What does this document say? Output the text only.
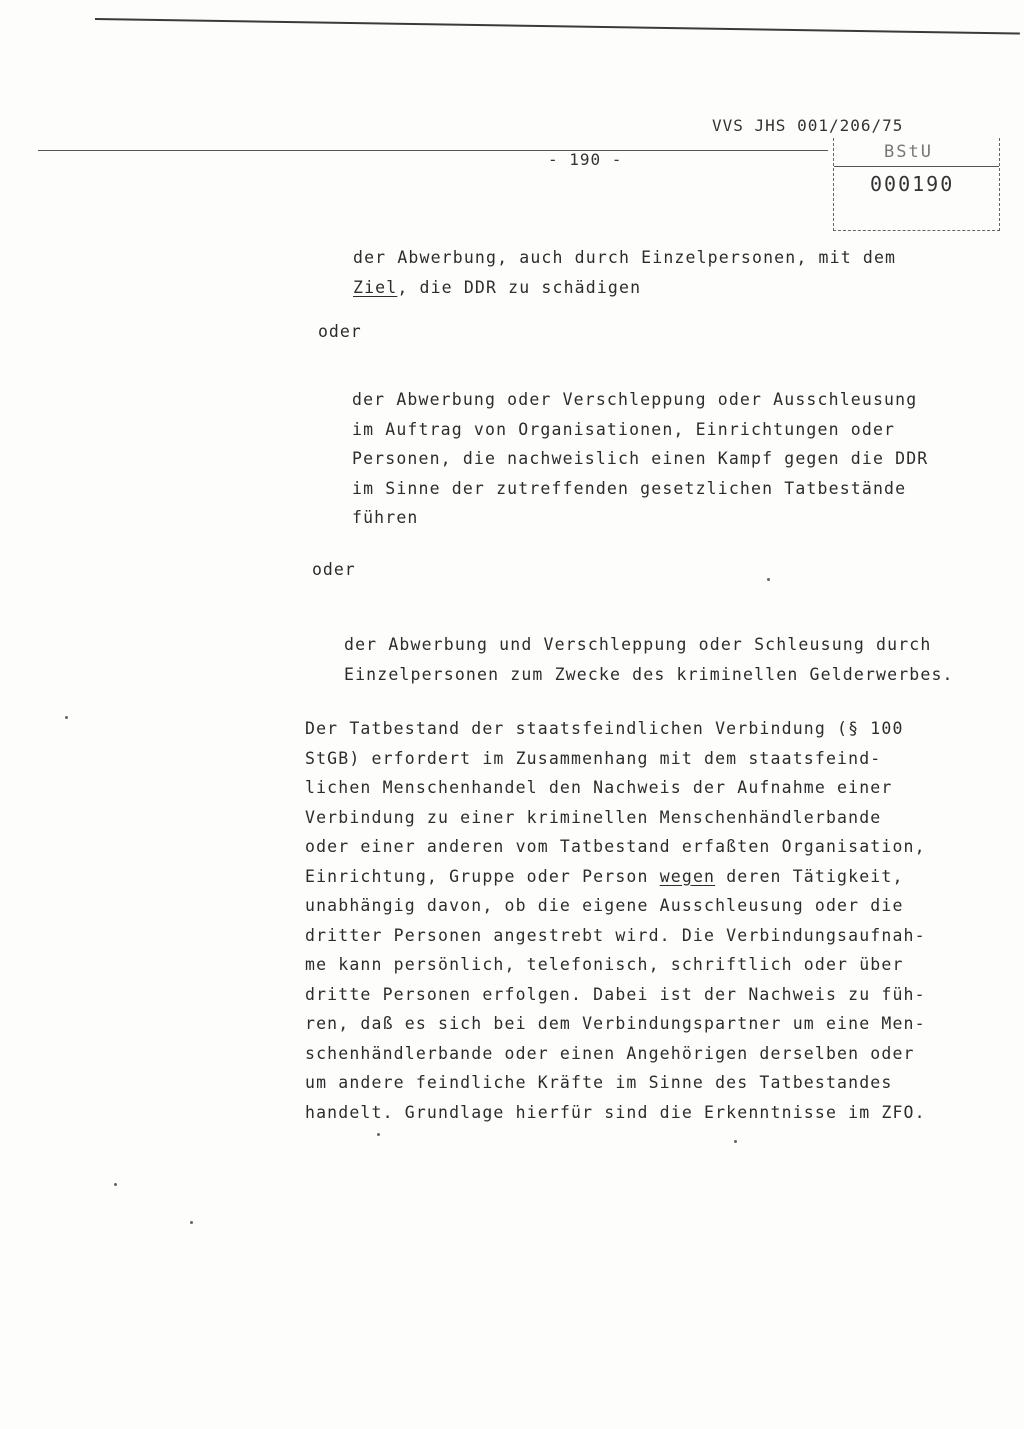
VVS JHS 001/206/75
- 190 -	BStU
000190
der Abwerbung, auch durch Einzelpersonen, mit dem
Ziel, die DDR zu schädigen
oder
der Abwerbung oder Verschleppung oder Ausschleusung
im Auftrag von Organisationen, Einrichtungen oder
Personen, die nachweislich einen Kampf gegen die DDR
im Sinne der zutreffenden gesetzlichen Tatbestände
führen
oder
der Abwerbung und Verschleppung oder Schleusung durch
Einzelpersonen zum Zwecke des kriminellen Gelderwerbes.
Der Tatbestand der staatsfeindlichen Verbindung (§ 100
StGB) erfordert im Zusammenhang mit dem staatsfeind-
lichen Menschenhandel den Nachweis der Aufnahme einer
Verbindung zu einer kriminellen Menschenhändlerbande
oder einer anderen vom Tatbestand erfaßten Organisation,
Einrichtung, Gruppe oder Person wegen deren Tätigkeit,
unabhängig davon, ob die eigene Ausschleusung oder die
dritter Personen angestrebt wird. Die Verbindungsaufnah-
me kann persönlich, telefonisch, schriftlich oder über
dritte Personen erfolgen. Dabei ist der Nachweis zu füh-
ren, daß es sich bei dem Verbindungspartner um eine Men-
schenhändlerbande oder einen Angehörigen derselben oder
um andere feindliche Kräfte im Sinne des Tatbestandes
handelt. Grundlage hierfür sind die Erkenntnisse im ZFO.
